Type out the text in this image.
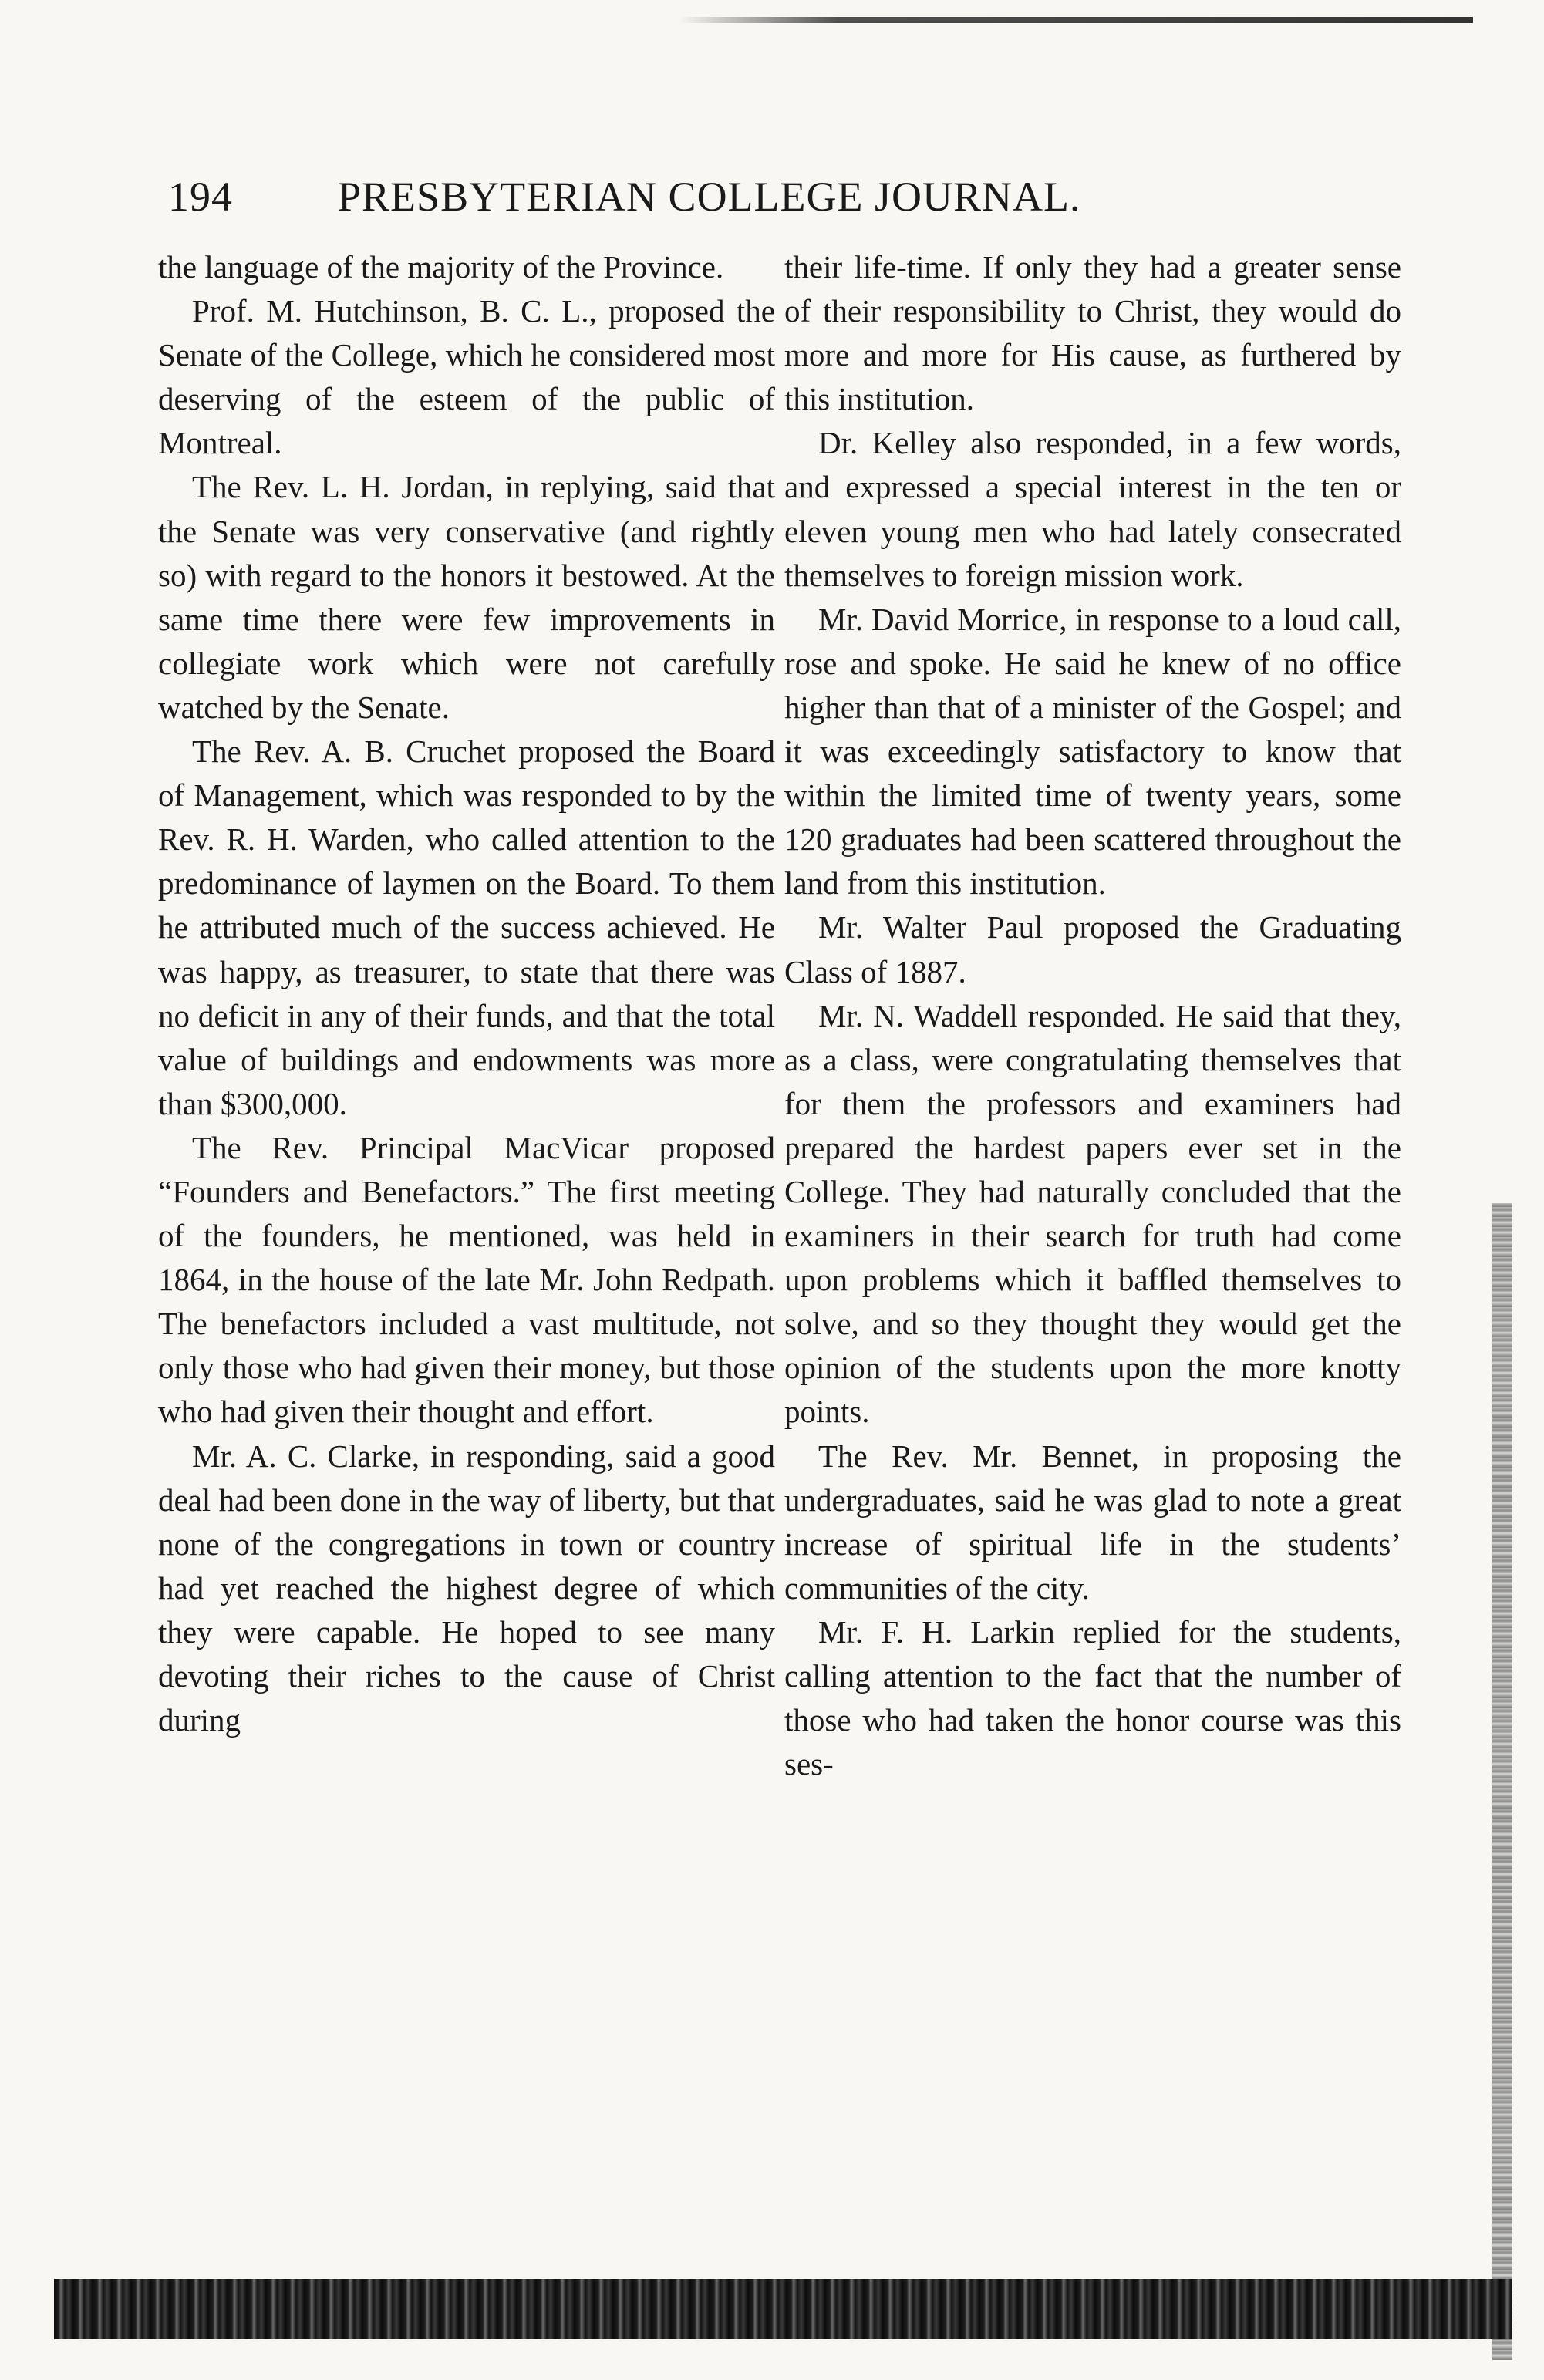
194	PRESBYTERIAN COLLEGE JOURNAL.

the language of the majority of the Province.

Prof. M. Hutchinson, B. C. L., proposed the Senate of the College, which he considered most deserving of the esteem of the public of Montreal.

The Rev. L. H. Jordan, in replying, said that the Senate was very conservative (and rightly so) with regard to the honors it bestowed. At the same time there were few improvements in collegiate work which were not carefully watched by the Senate.

The Rev. A. B. Cruchet proposed the Board of Management, which was responded to by the Rev. R. H. Warden, who called attention to the predominance of laymen on the Board. To them he attributed much of the success achieved. He was happy, as treasurer, to state that there was no deficit in any of their funds, and that the total value of buildings and endowments was more than $300,000.

The Rev. Principal MacVicar proposed “Founders and Benefactors.” The first meeting of the founders, he mentioned, was held in 1864, in the house of the late Mr. John Redpath. The benefactors included a vast multitude, not only those who had given their money, but those who had given their thought and effort.

Mr. A. C. Clarke, in responding, said a good deal had been done in the way of liberty, but that none of the congregations in town or country had yet reached the highest degree of which they were capable. He hoped to see many devoting their riches to the cause of Christ during

their life-time. If only they had a greater sense of their responsibility to Christ, they would do more and more for His cause, as furthered by this institution.

Dr. Kelley also responded, in a few words, and expressed a special interest in the ten or eleven young men who had lately consecrated themselves to foreign mission work.

Mr. David Morrice, in response to a loud call, rose and spoke. He said he knew of no office higher than that of a minister of the Gospel; and it was exceedingly satisfactory to know that within the limited time of twenty years, some 120 graduates had been scattered throughout the land from this institution.

Mr. Walter Paul proposed the Graduating Class of 1887.

Mr. N. Waddell responded. He said that they, as a class, were congratulating themselves that for them the professors and examiners had prepared the hardest papers ever set in the College. They had naturally concluded that the examiners in their search for truth had come upon problems which it baffled themselves to solve, and so they thought they would get the opinion of the students upon the more knotty points.

The Rev. Mr. Bennet, in proposing the undergraduates, said he was glad to note a great increase of spiritual life in the students’ communities of the city.

Mr. F. H. Larkin replied for the students, calling attention to the fact that the number of those who had taken the honor course was this ses-
